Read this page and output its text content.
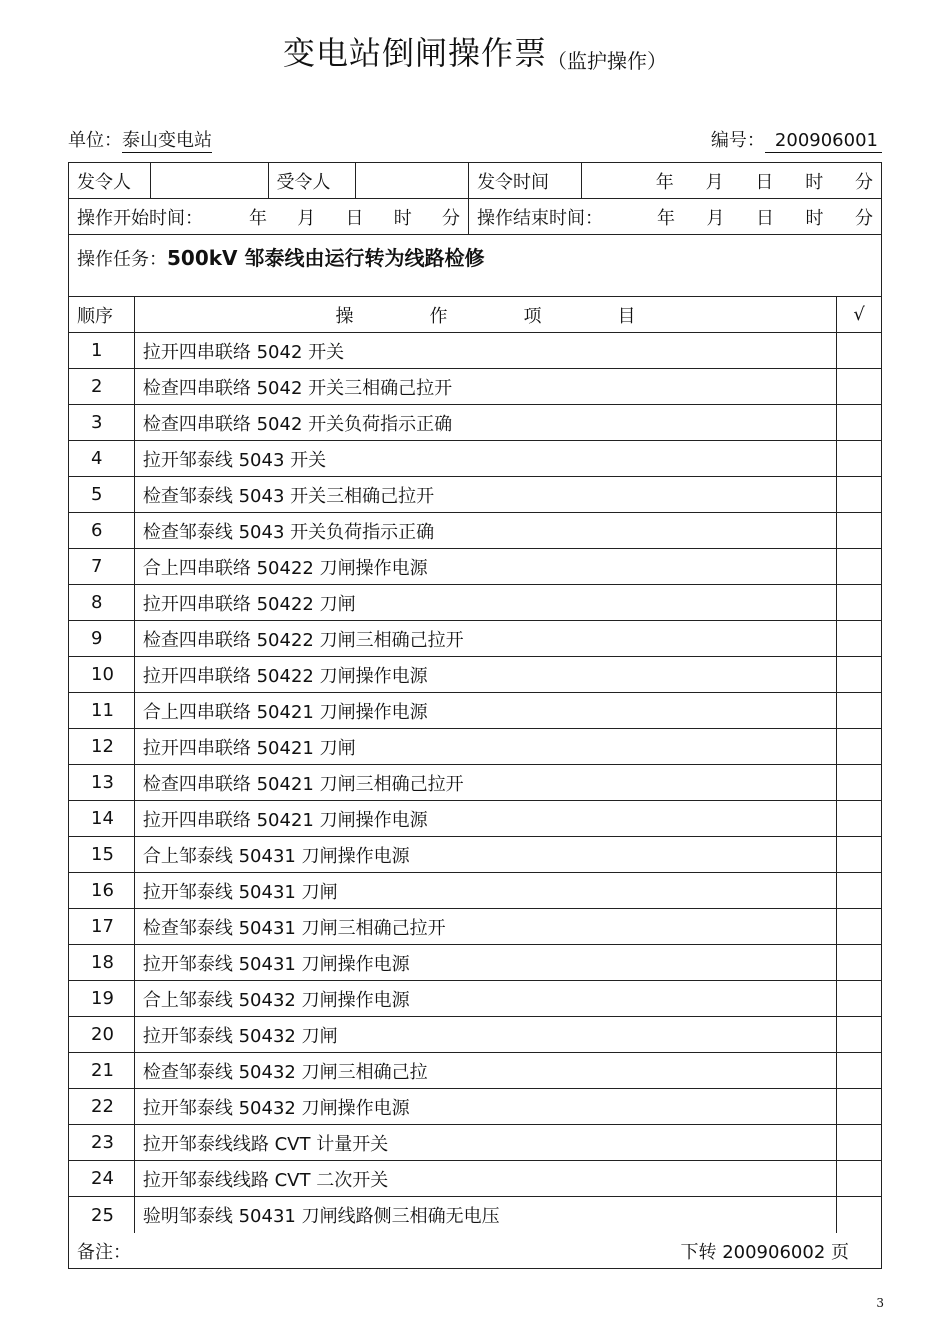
变电站倒闸操作票（监护操作）
单位：泰山变电站	编号： 200906001
发令人	受令人	发令时间	年 月 日 时 分
操作开始时间：	年 月 日 时 分 操作结束时间：	年 月 日 时 分
操作任务： 500kV 邹泰线由运行转为线路检修
顺序	操	作	项	目	√
1	拉开四串联络 5042 开关
2	检查四串联络 5042 开关三相确己拉开
3	检查四串联络 5042 开关负荷指示正确
4	拉开邹泰线 5043 开关
5	检查邹泰线 5043 开关三相确己拉开
6	检查邹泰线 5043 开关负荷指示正确
7	合上四串联络 50422 刀闸操作电源
8	拉开四串联络 50422 刀闸
9	检查四串联络 50422 刀闸三相确己拉开
10	拉开四串联络 50422 刀闸操作电源
11	合上四串联络 50421 刀闸操作电源
12	拉开四串联络 50421 刀闸
13	检查四串联络 50421 刀闸三相确己拉开
14	拉开四串联络 50421 刀闸操作电源
15	合上邹泰线 50431 刀闸操作电源
16	拉开邹泰线 50431 刀闸
17	检查邹泰线 50431 刀闸三相确己拉开
18	拉开邹泰线 50431 刀闸操作电源
19	合上邹泰线 50432 刀闸操作电源
20	拉开邹泰线 50432 刀闸
21	检查邹泰线 50432 刀闸三相确己拉
22	拉开邹泰线 50432 刀闸操作电源
23	拉开邹泰线线路 CVT 计量开关
24	拉开邹泰线线路 CVT 二次开关
25	验明邹泰线 50431 刀闸线路侧三相确无电压
备注：	下转 200906002 页
3
